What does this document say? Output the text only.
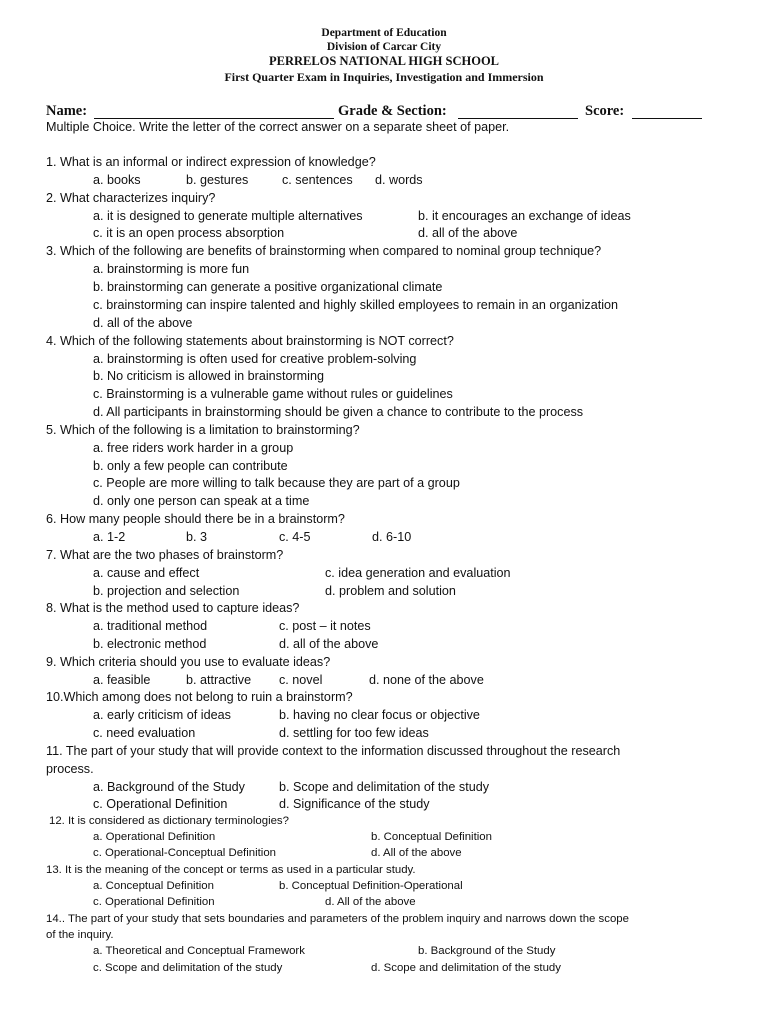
Department of Education
Division of Carcar City
PERRELOS NATIONAL HIGH SCHOOL
First Quarter Exam in Inquiries, Investigation and Immersion
Name:	Grade & Section:	Score:
Multiple Choice. Write the letter of the correct answer on a separate sheet of paper.
1. What is an informal or indirect expression of knowledge?
a. books	b. gestures	c. sentences d. words
2. What characterizes inquiry?
a. it is designed to generate multiple alternatives	b. it encourages an exchange of ideas
c. it is an open process absorption	d. all of the above
3. Which of the following are benefits of brainstorming when compared to nominal group technique?
a. brainstorming is more fun
b. brainstorming can generate a positive organizational climate
c. brainstorming can inspire talented and highly skilled employees to remain in an organization
d. all of the above
4. Which of the following statements about brainstorming is NOT correct?
a. brainstorming is often used for creative problem-solving
b. No criticism is allowed in brainstorming
c. Brainstorming is a vulnerable game without rules or guidelines
d. All participants in brainstorming should be given a chance to contribute to the process
5. Which of the following is a limitation to brainstorming?
a. free riders work harder in a group
b. only a few people can contribute
c. People are more willing to talk because they are part of a group
d. only one person can speak at a time
6. How many people should there be in a brainstorm?
a. 1-2	b. 3	c. 4-5	d. 6-10
7. What are the two phases of brainstorm?
a. cause and effect	c. idea generation and evaluation
b. projection and selection	d. problem and solution
8. What is the method used to capture ideas?
a. traditional method	c. post – it notes
b. electronic method	d. all of the above
9. Which criteria should you use to evaluate ideas?
a. feasible	b. attractive c. novel	d. none of the above
10.Which among does not belong to ruin a brainstorm?
a. early criticism of ideas	b. having no clear focus or objective
c. need evaluation	d. settling for too few ideas
11. The part of your study that will provide context to the information discussed throughout the research
process.
a. Background of the Study	b. Scope and delimitation of the study
c. Operational Definition	d. Significance of the study
12. It is considered as dictionary terminologies?
a. Operational Definition	b. Conceptual Definition
c. Operational-Conceptual Definition	d. All of the above
13. It is the meaning of the concept or terms as used in a particular study.
a. Conceptual Definition	b. Conceptual Definition-Operational
c. Operational Definition	d. All of the above
14.. The part of your study that sets boundaries and parameters of the problem inquiry and narrows down the scope
of the inquiry.
a. Theoretical and Conceptual Framework	b. Background of the Study
c. Scope and delimitation of the study	d. Scope and delimitation of the study
